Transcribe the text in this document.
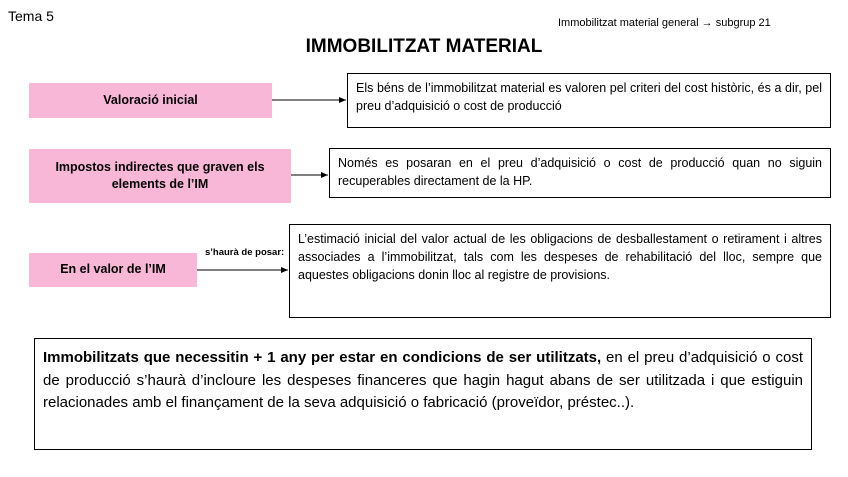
Tema 5	Immobilitzat material general → subgrup 21
IMMOBILITZAT MATERIAL
Valoració inicial
Els béns de l’immobilitzat material es valoren pel criteri del cost històric, és a dir, pel preu d’adquisició o cost de producció
Impostos indirectes que graven els elements de l’IM
Només es posaran en el preu d’adquisició o cost de producció quan no siguin recuperables directament de la HP.
En el valor de l’IM
s’haurà de posar:
L’estimació inicial del valor actual de les obligacions de desballestament o retirament i altres associades a l’immobilitzat, tals com les despeses de rehabilitació del lloc, sempre que aquestes obligacions donin lloc al registre de provisions.
Immobilitzats que necessitin + 1 any per estar en condicions de ser utilitzats, en el preu d’adquisició o cost de producció s’haurà d’incloure les despeses financeres que hagin hagut abans de ser utilitzada i que estiguin relacionades amb el finançament de la seva adquisició o fabricació (proveïdor, préstec..).
